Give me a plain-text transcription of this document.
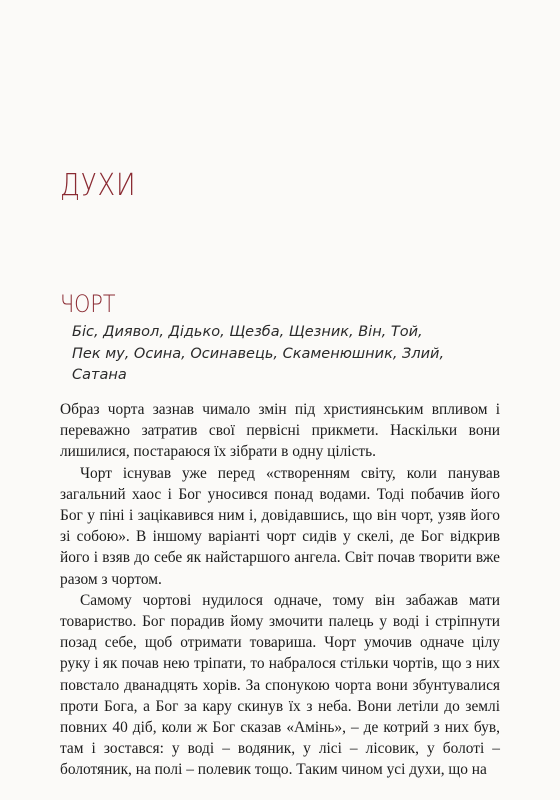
ДУХИ
ЧОРТ

Біс, Диявол, Дідько, Щезба, Щезник, Він, Той, Пек му, Осина, Осинавець, Скаменюшник, Злий, Сатана

Образ чорта зазнав чимало змін під християнським впливом і переважно затратив свої первісні прикмети. Наскільки вони лишилися, постараюся їх зібрати в одну цілість.

Чорт існував уже перед «створенням світу, коли панував загальний хаос і Бог уносився понад водами. Тоді побачив його Бог у піні і зацікавився ним і, довідавшись, що він чорт, узяв його зі собою». В іншому варіанті чорт сидів у скелі, де Бог відкрив його і взяв до себе як найстаршого ангела. Світ почав творити вже разом з чортом.

Самому чортові нудилося одначе, тому він забажав мати товариство. Бог порадив йому змочити палець у воді і стріпнути позад себе, щоб отримати товариша. Чорт умочив одначе цілу руку і як почав нею тріпати, то набралося стільки чортів, що з них повстало дванадцять хорів. За спонукою чорта вони збунтувалися проти Бога, а Бог за кару скинув їх з неба. Вони летіли до землі повних 40 діб, коли ж Бог сказав «Амінь», – де котрий з них був, там і зостався: у воді – водяник, у лісі – лісовик, у болоті – болотяник, на полі – полевик тощо. Таким чином усі духи, що на
